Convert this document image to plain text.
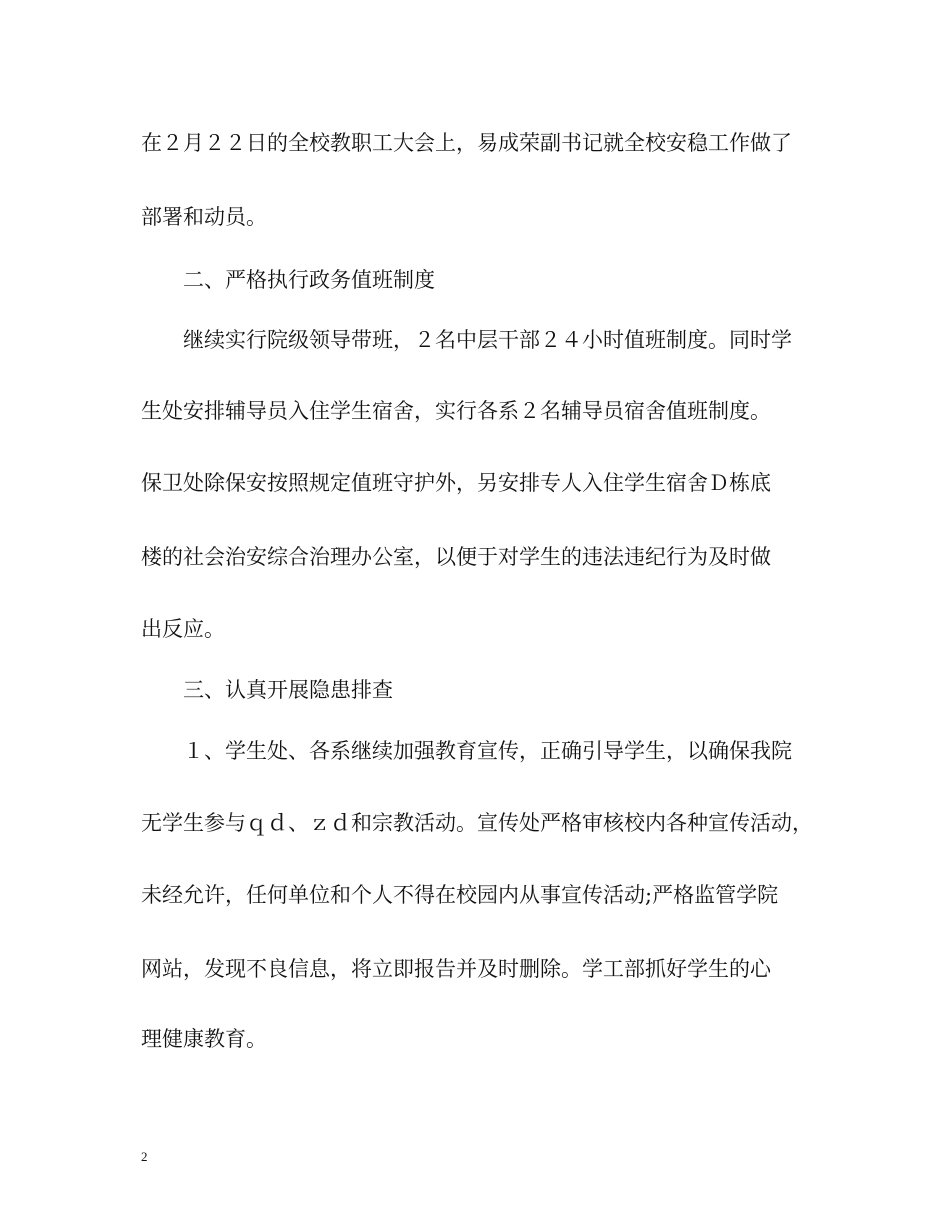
在２月２２日的全校教职工大会上，易成荣副书记就全校安稳工作做了
部署和动员。
二、严格执行政务值班制度
继续实行院级领导带班，２名中层干部２４小时值班制度。同时学
生处安排辅导员入住学生宿舍，实行各系２名辅导员宿舍值班制度。
保卫处除保安按照规定值班守护外，另安排专人入住学生宿舍Ｄ栋底
楼的社会治安综合治理办公室，以便于对学生的违法违纪行为及时做
出反应。
三、认真开展隐患排查
１、学生处、各系继续加强教育宣传，正确引导学生，以确保我院
无学生参与ｑｄ、ｚｄ和宗教活动。宣传处严格审核校内各种宣传活动，
未经允许，任何单位和个人不得在校园内从事宣传活动;严格监管学院
网站，发现不良信息，将立即报告并及时删除。学工部抓好学生的心
理健康教育。
2
